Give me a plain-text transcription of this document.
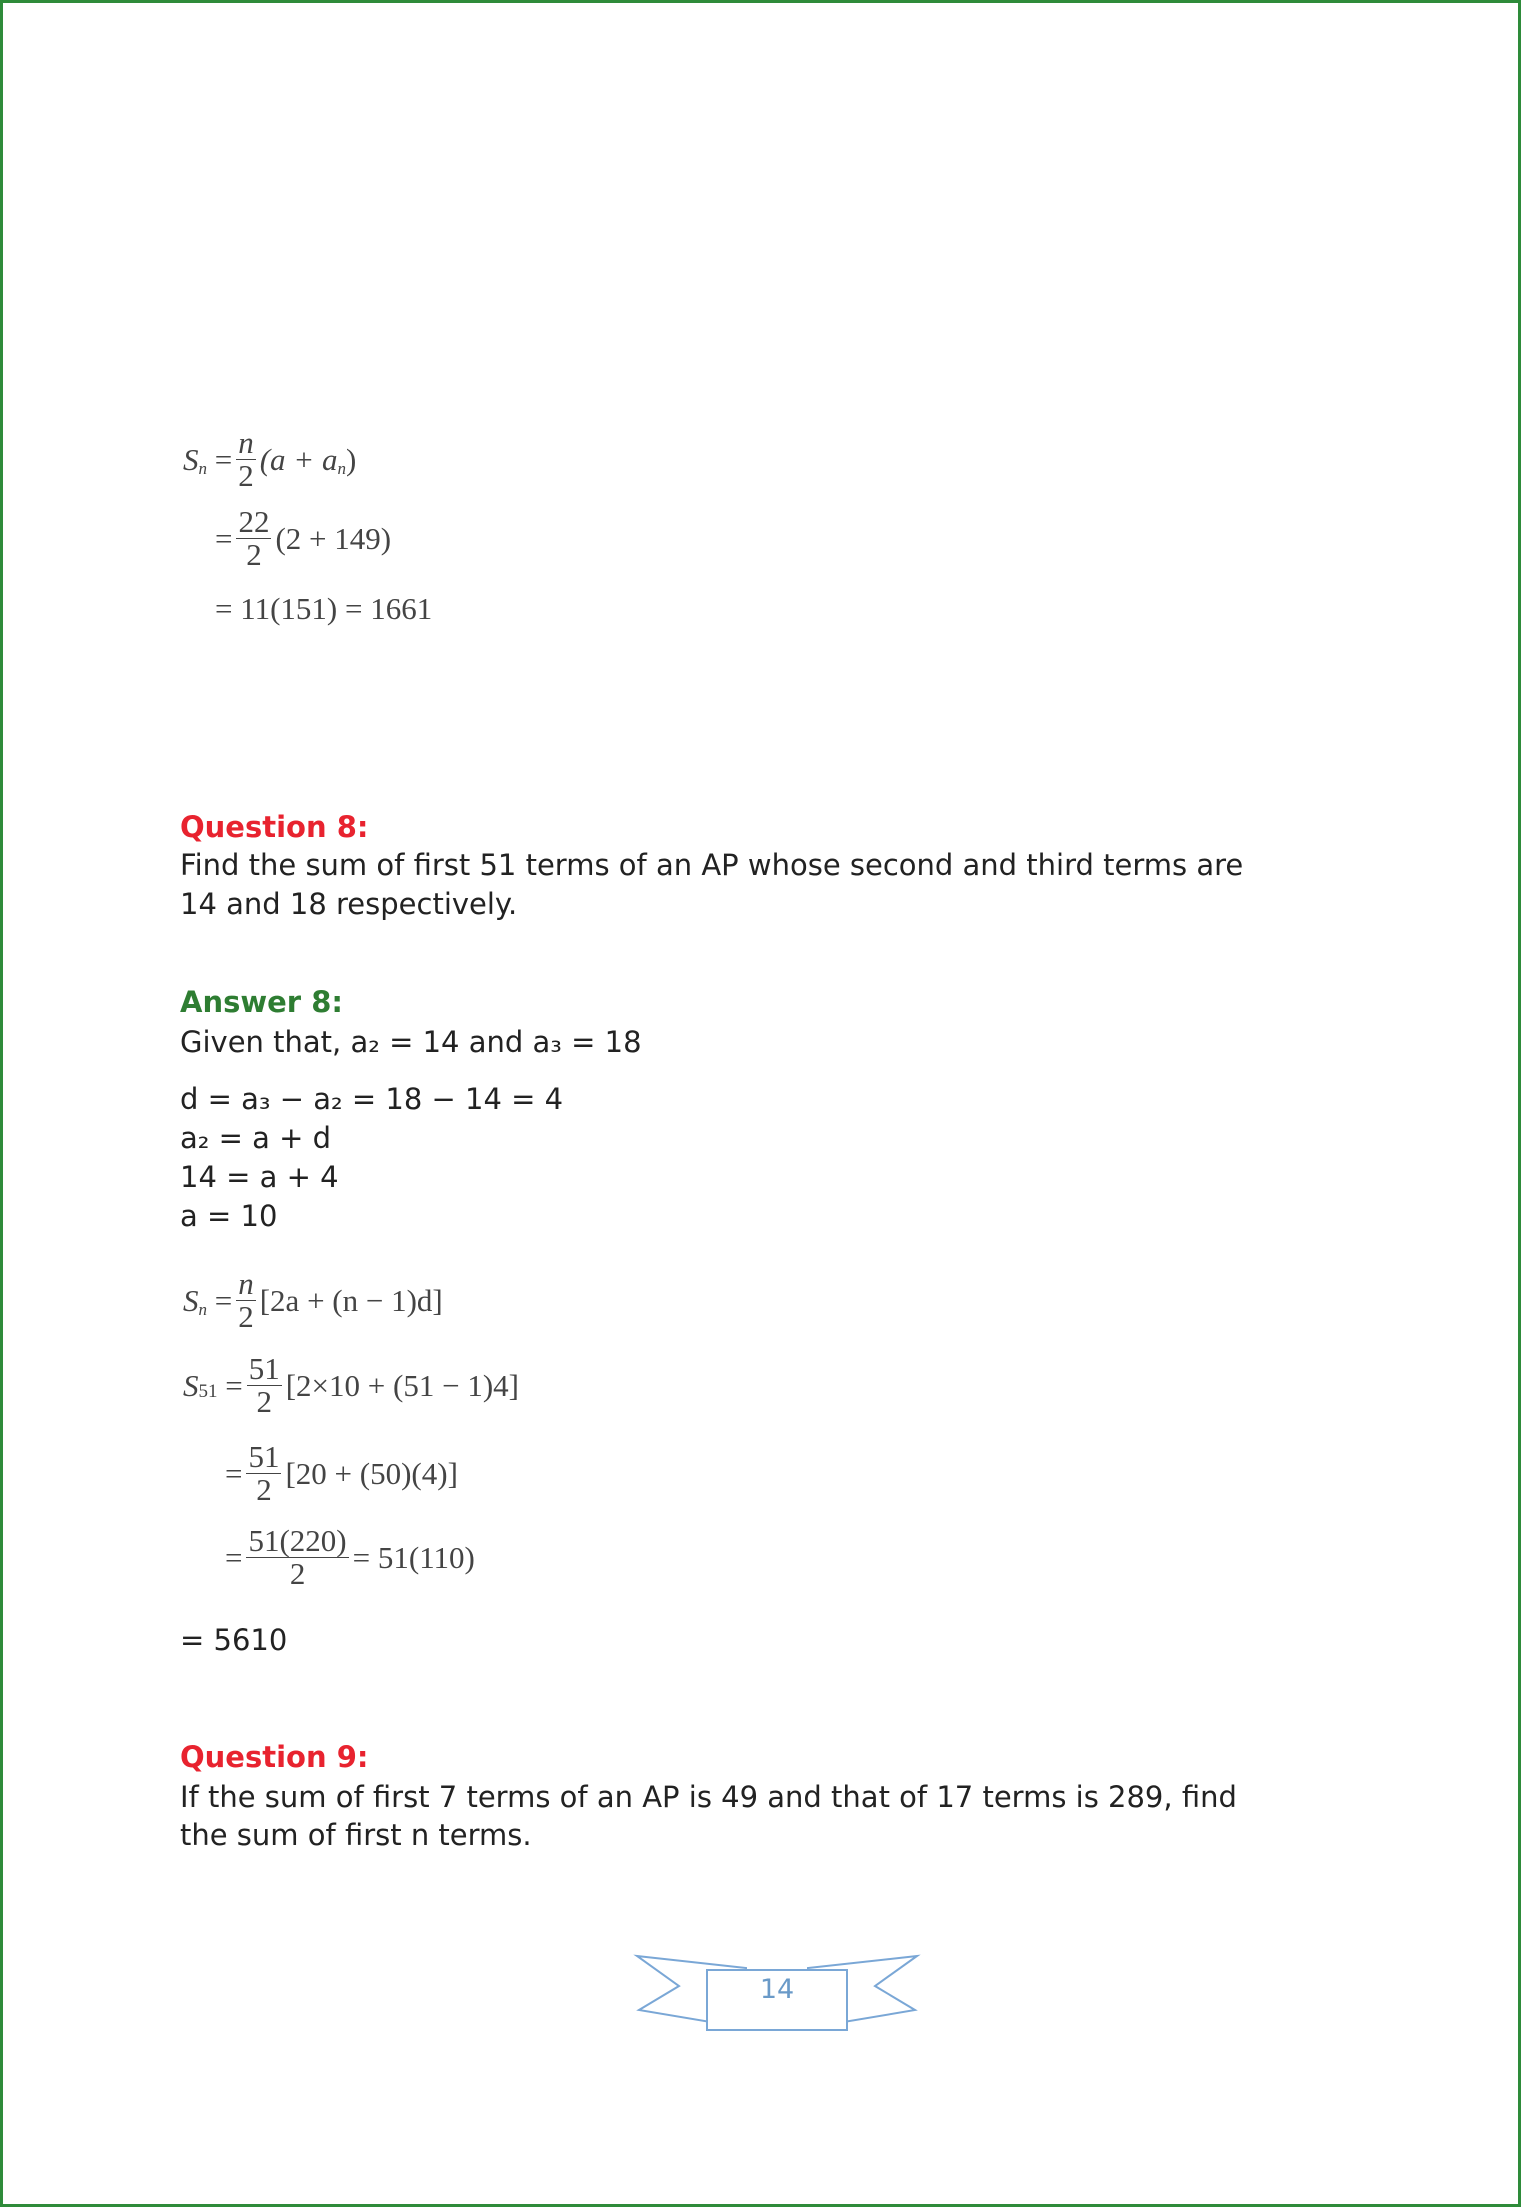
S n = n
2 (a + a n )
= $\frac{22}{2} (2 + 149)$
= 11(151) = 1661
Question 8:
Find the sum of first 51 terms of an AP whose second and third terms are
14 and 18 respectively.
Answer 8:
Given that, a₂ = 14 and a₃ = 18
d = a₃ − a₂ = 18 − 14 = 4
a₂ = a + d
14 = a + 4
a = 10
S n = n
2 [2a + (n − 1)d]
S 51 = 51
2 [2×10 + (51 − 1)4]
= 51
2 [20 + (50)(4)]
= $\frac{51(220)}{2} = 51(110)$
= 5610
Question 9:
If the sum of first 7 terms of an AP is 49 and that of 17 terms is 289, find
the sum of first n terms.
14
